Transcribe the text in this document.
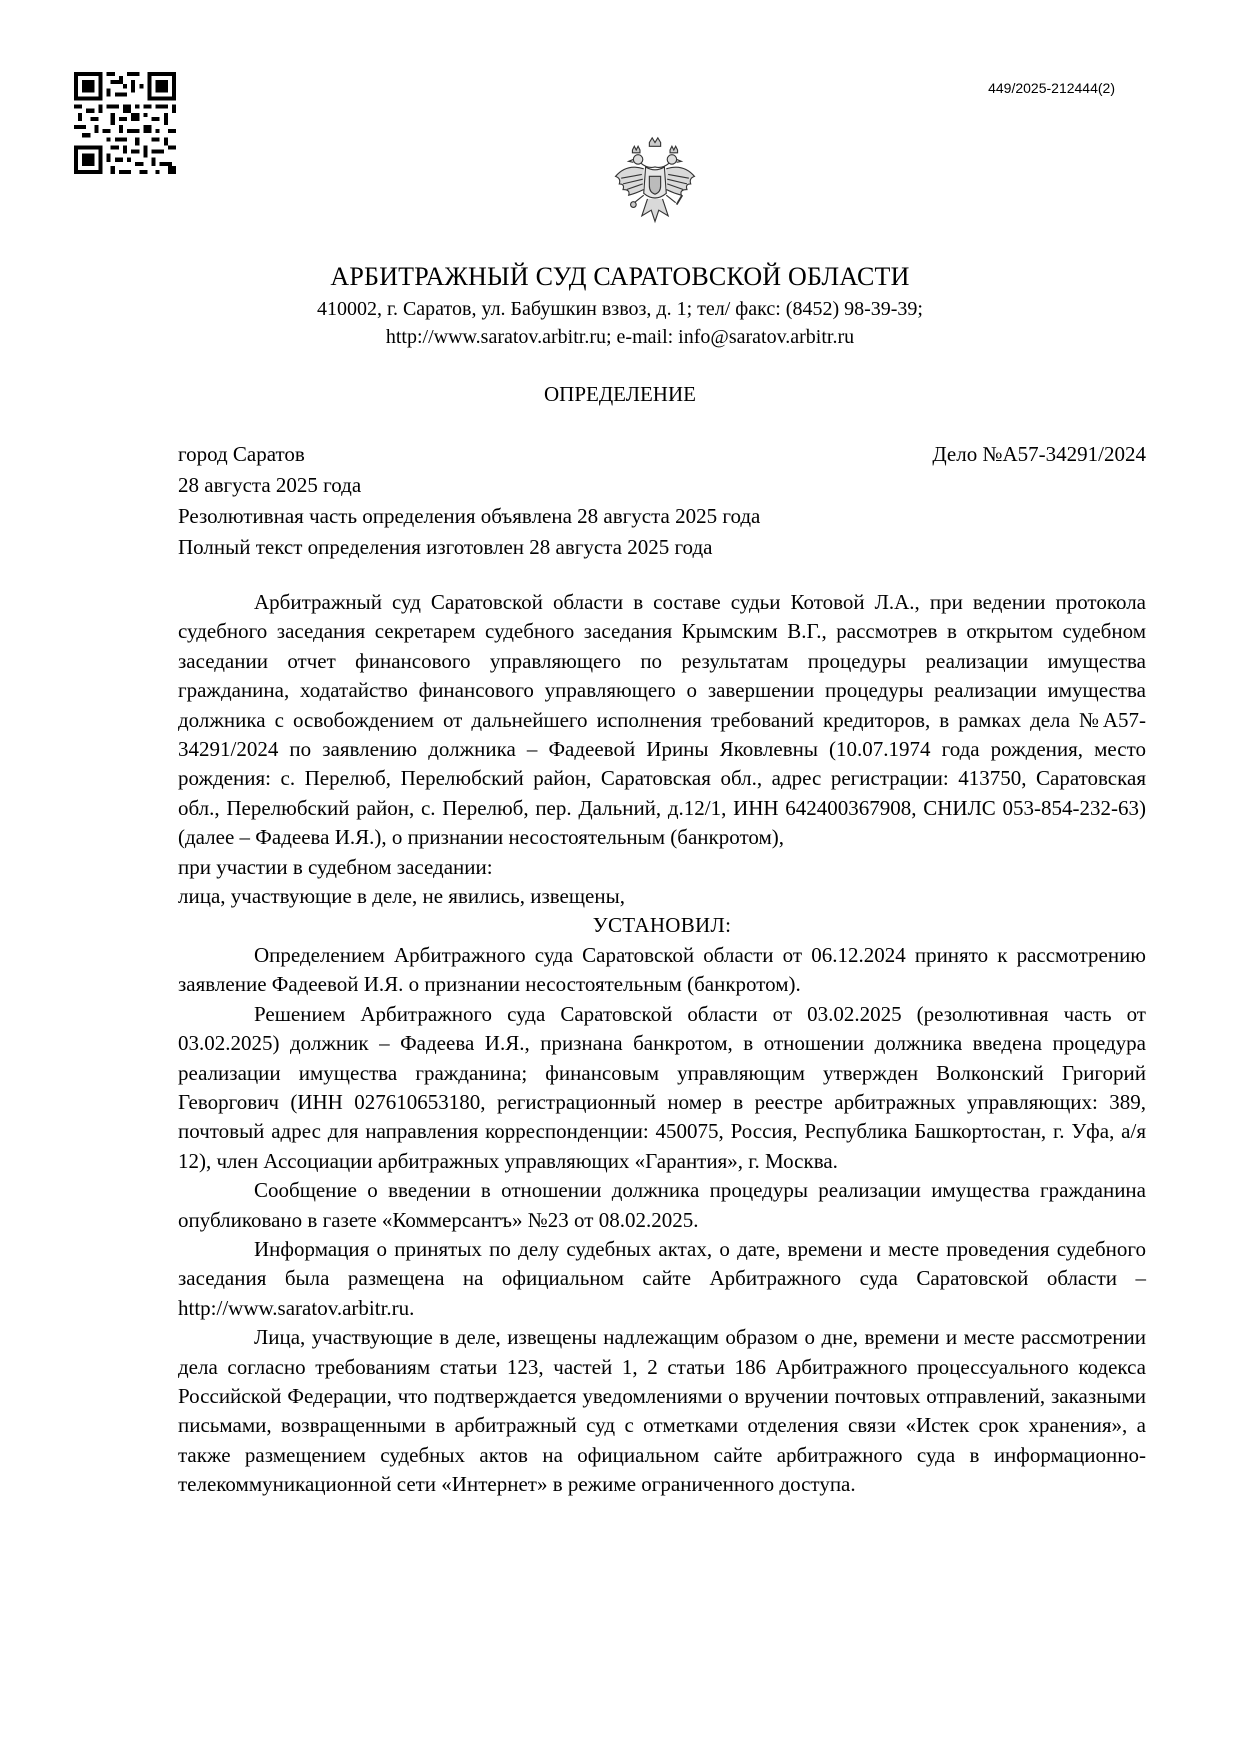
449/2025-212444(2)
АРБИТРАЖНЫЙ СУД САРАТОВСКОЙ ОБЛАСТИ
410002, г. Саратов, ул. Бабушкин взвоз, д. 1; тел/ факс: (8452) 98-39-39;
http://www.saratov.arbitr.ru; e-mail: info@saratov.arbitr.ru
ОПРЕДЕЛЕНИЕ
город Саратов	Дело №А57-34291/2024
28 августа 2025 года
Резолютивная часть определения объявлена 28 августа 2025 года
Полный текст определения изготовлен 28 августа 2025 года

Арбитражный суд Саратовской области в составе судьи Котовой Л.А., при ведении протокола судебного заседания секретарем судебного заседания Крымским В.Г., рассмотрев в открытом судебном заседании отчет финансового управляющего по результатам процедуры реализации имущества гражданина, ходатайство финансового управляющего о завершении процедуры реализации имущества должника с освобождением от дальнейшего исполнения требований кредиторов, в рамках дела №А57-34291/2024 по заявлению должника – Фадеевой Ирины Яковлевны (10.07.1974 года рождения, место рождения: с. Перелюб, Перелюбский район, Саратовская обл., адрес регистрации: 413750, Саратовская обл., Перелюбский район, с. Перелюб, пер. Дальний, д.12/1, ИНН 642400367908, СНИЛС 053-854-232-63) (далее – Фадеева И.Я.), о признании несостоятельным (банкротом),

при участии в судебном заседании:

лица, участвующие в деле, не явились, извещены,

УСТАНОВИЛ:

Определением Арбитражного суда Саратовской области от 06.12.2024 принято к рассмотрению заявление Фадеевой И.Я. о признании несостоятельным (банкротом).

Решением Арбитражного суда Саратовской области от 03.02.2025 (резолютивная часть от 03.02.2025) должник – Фадеева И.Я., признана банкротом, в отношении должника введена процедура реализации имущества гражданина; финансовым управляющим утвержден Волконский Григорий Геворгович (ИНН 027610653180, регистрационный номер в реестре арбитражных управляющих: 389, почтовый адрес для направления корреспонденции: 450075, Россия, Республика Башкортостан, г. Уфа, а/я 12), член Ассоциации арбитражных управляющих «Гарантия», г. Москва.

Сообщение о введении в отношении должника процедуры реализации имущества гражданина опубликовано в газете «Коммерсантъ» №23 от 08.02.2025.

Информация о принятых по делу судебных актах, о дате, времени и месте проведения судебного заседания была размещена на официальном сайте Арбитражного суда Саратовской области – http://www.saratov.arbitr.ru.

Лица, участвующие в деле, извещены надлежащим образом о дне, времени и месте рассмотрении дела согласно требованиям статьи 123, частей 1, 2 статьи 186 Арбитражного процессуального кодекса Российской Федерации, что подтверждается уведомлениями о вручении почтовых отправлений, заказными письмами, возвращенными в арбитражный суд с отметками отделения связи «Истек срок хранения», а также размещением судебных актов на официальном сайте арбитражного суда в информационно-телекоммуникационной сети «Интернет» в режиме ограниченного доступа.
